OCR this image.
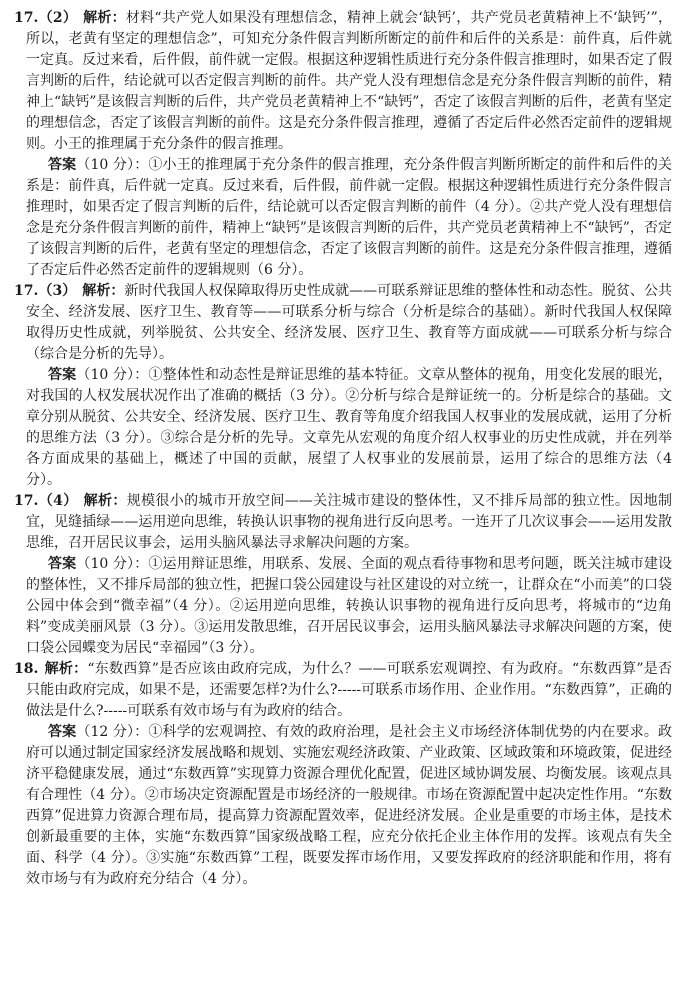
17.（2） 解析：材料“共产党人如果没有理想信念，精神上就会‘缺钙’，共产党员老黄精神上不‘缺钙’”，所以，老黄有坚定的理想信念”，可知充分条件假言判断所断定的前件和后件的关系是：前件真，后件就一定真。反过来看，后件假，前件就一定假。根据这种逻辑性质进行充分条件假言推理时，如果否定了假言判断的后件，结论就可以否定假言判断的前件。共产党人没有理想信念是充分条件假言判断的前件，精神上“缺钙”是该假言判断的后件，共产党员老黄精神上不“缺钙”，否定了该假言判断的后件，老黄有坚定的理想信念，否定了该假言判断的前件。这是充分条件假言推理，遵循了否定后件必然否定前件的逻辑规则。小王的推理属于充分条件的假言推理。

答案（10 分）：①小王的推理属于充分条件的假言推理，充分条件假言判断所断定的前件和后件的关系是：前件真，后件就一定真。反过来看，后件假，前件就一定假。根据这种逻辑性质进行充分条件假言推理时，如果否定了假言判断的后件，结论就可以否定假言判断的前件（4 分）。②共产党人没有理想信念是充分条件假言判断的前件，精神上“缺钙”是该假言判断的后件，共产党员老黄精神上不“缺钙”，否定了该假言判断的后件，老黄有坚定的理想信念，否定了该假言判断的前件。这是充分条件假言推理，遵循了否定后件必然否定前件的逻辑规则（6 分）。

17.（3） 解析：新时代我国人权保障取得历史性成就——可联系辩证思维的整体性和动态性。脱贫、公共安全、经济发展、医疗卫生、教育等——可联系分析与综合（分析是综合的基础）。新时代我国人权保障取得历史性成就，列举脱贫、公共安全、经济发展、医疗卫生、教育等方面成就——可联系分析与综合（综合是分析的先导）。

答案（10 分）：①整体性和动态性是辩证思维的基本特征。文章从整体的视角，用变化发展的眼光，对我国的人权发展状况作出了准确的概括（3 分）。②分析与综合是辩证统一的。分析是综合的基础。文章分别从脱贫、公共安全、经济发展、医疗卫生、教育等角度介绍我国人权事业的发展成就，运用了分析的思维方法（3 分）。③综合是分析的先导。文章先从宏观的角度介绍人权事业的历史性成就，并在列举各方面成果的基础上，概述了中国的贡献，展望了人权事业的发展前景，运用了综合的思维方法（4 分）。

17.（4） 解析：规模很小的城市开放空间——关注城市建设的整体性，又不排斥局部的独立性。因地制宜，见缝插绿——运用逆向思维，转换认识事物的视角进行反向思考。一连开了几次议事会——运用发散思维，召开居民议事会，运用头脑风暴法寻求解决问题的方案。

答案（10 分）：①运用辩证思维，用联系、发展、全面的观点看待事物和思考问题，既关注城市建设的整体性，又不排斥局部的独立性，把握口袋公园建设与社区建设的对立统一，让群众在“小而美”的口袋公园中体会到“微幸福”（4 分）。②运用逆向思维，转换认识事物的视角进行反向思考，将城市的“边角料”变成美丽风景（3 分）。③运用发散思维，召开居民议事会，运用头脑风暴法寻求解决问题的方案，使口袋公园蝶变为居民“幸福园”（3 分）。

18. 解析：“东数西算”是否应该由政府完成，为什么？——可联系宏观调控、有为政府。“东数西算”是否只能由政府完成，如果不是，还需要怎样?为什么?-----可联系市场作用、企业作用。“东数西算”，正确的做法是什么?-----可联系有效市场与有为政府的结合。

答案（12 分）：①科学的宏观调控、有效的政府治理，是社会主义市场经济体制优势的内在要求。政府可以通过制定国家经济发展战略和规划、实施宏观经济政策、产业政策、区域政策和环境政策，促进经济平稳健康发展，通过“东数西算”实现算力资源合理优化配置，促进区域协调发展、均衡发展。该观点具有合理性（4 分）。②市场决定资源配置是市场经济的一般规律。市场在资源配置中起决定性作用。“东数西算”促进算力资源合理布局，提高算力资源配置效率，促进经济发展。企业是重要的市场主体，是技术创新最重要的主体，实施“东数西算”国家级战略工程，应充分依托企业主体作用的发挥。该观点有失全面、科学（4 分）。③实施“东数西算”工程，既要发挥市场作用，又要发挥政府的经济职能和作用，将有效市场与有为政府充分结合（4 分）。
